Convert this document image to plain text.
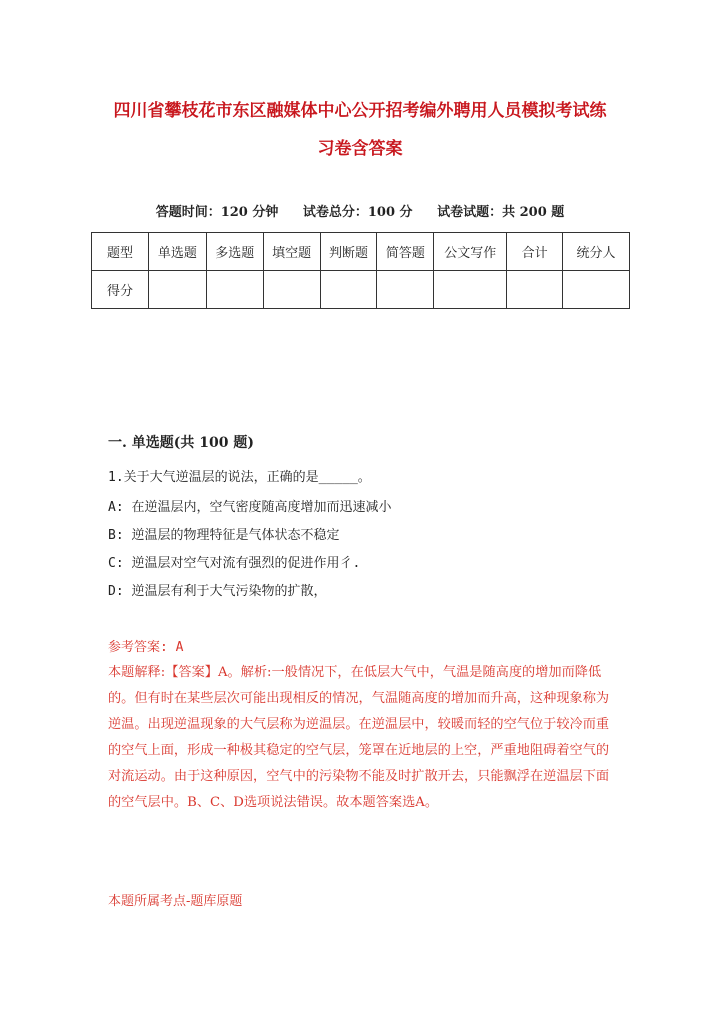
四川省攀枝花市东区融媒体中心公开招考编外聘用人员模拟考试练
习卷含答案
答题时间：120 分钟 试卷总分：100 分 试卷试题：共 200 题
题型	单选题	多选题	填空题	判断题	简答题	公文写作	合计	统分人
得分								
一. 单选题(共 100 题)
1.关于大气逆温层的说法，正确的是_____。
A: 在逆温层内，空气密度随高度增加而迅速减小
B: 逆温层的物理特征是气体状态不稳定
C: 逆温层对空气对流有强烈的促进作用彳.
D: 逆温层有利于大气污染物的扩散，
参考答案: A
本题解释:【答案】A。解析:一般情况下，在低层大气中，气温是随高度的增加而降低的。但有时在某些层次可能出现相反的情况，气温随高度的增加而升高，这种现象称为逆温。出现逆温现象的大气层称为逆温层。在逆温层中，较暖而轻的空气位于较冷而重的空气上面，形成一种极其稳定的空气层，笼罩在近地层的上空，严重地阻碍着空气的对流运动。由于这种原因，空气中的污染物不能及时扩散开去，只能飘浮在逆温层下面的空气层中。B、C、D选项说法错误。故本题答案选A。
本题所属考点-题库原题
